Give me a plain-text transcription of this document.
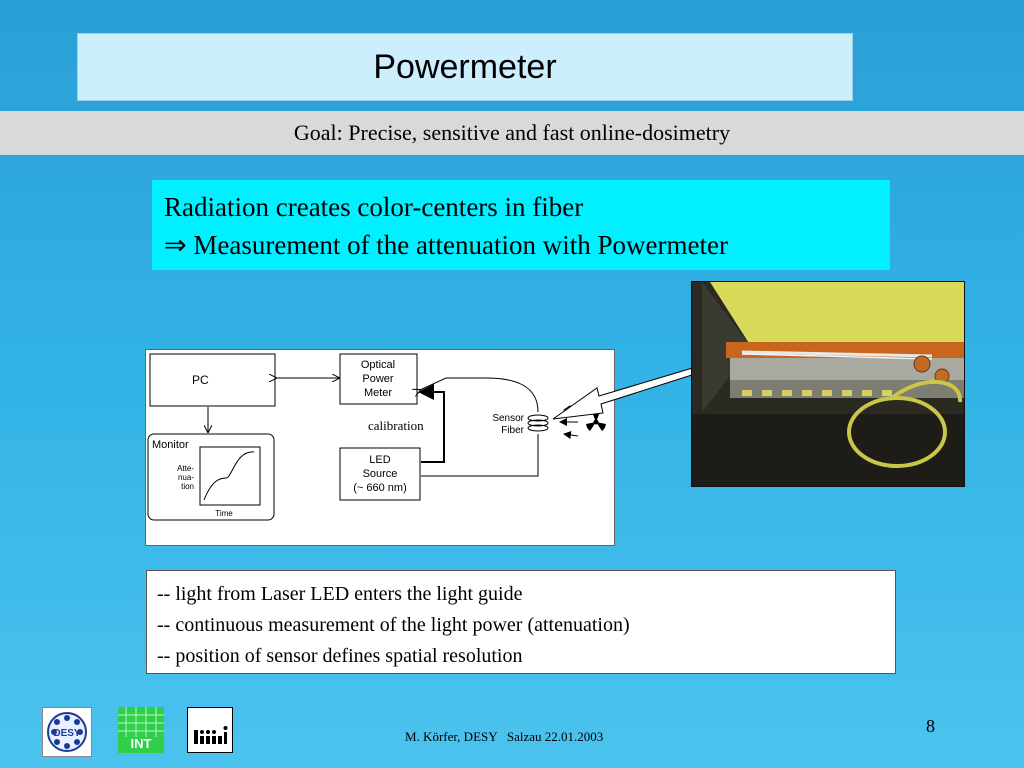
Powermeter
Goal: Precise, sensitive and fast online-dosimetry
Radiation creates color-centers in fiber
⇒ Measurement of the attenuation with Powermeter
PC
Optical
Power
Meter
Monitor
Atte-
nua-
tion
Time
LED
Source
(~ 660 nm)
calibration	Sensor
Fiber
-- light from Laser LED enters the light guide
-- continuous measurement of the light power (attenuation)
-- position of sensor defines spatial resolution
DESY
INT	M. Körfer, DESY   Salzau 22.01.2003
8
